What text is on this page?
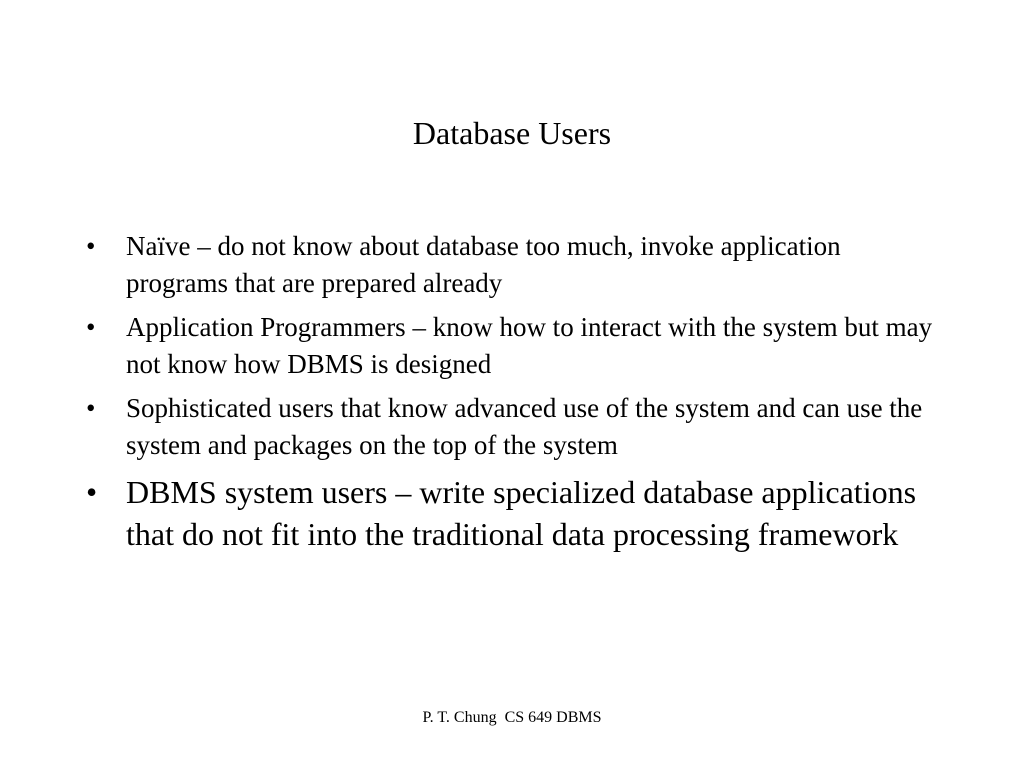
Database Users
• Naïve – do not know about database too much, invoke application programs that are prepared already
• Application Programmers – know how to interact with the system but may not know how DBMS is designed
• Sophisticated users that know advanced use of the system and can use the system and packages on the top of the system
• DBMS system users – write specialized database applications that do not fit into the traditional data processing framework
P. T. Chung  CS 649 DBMS
